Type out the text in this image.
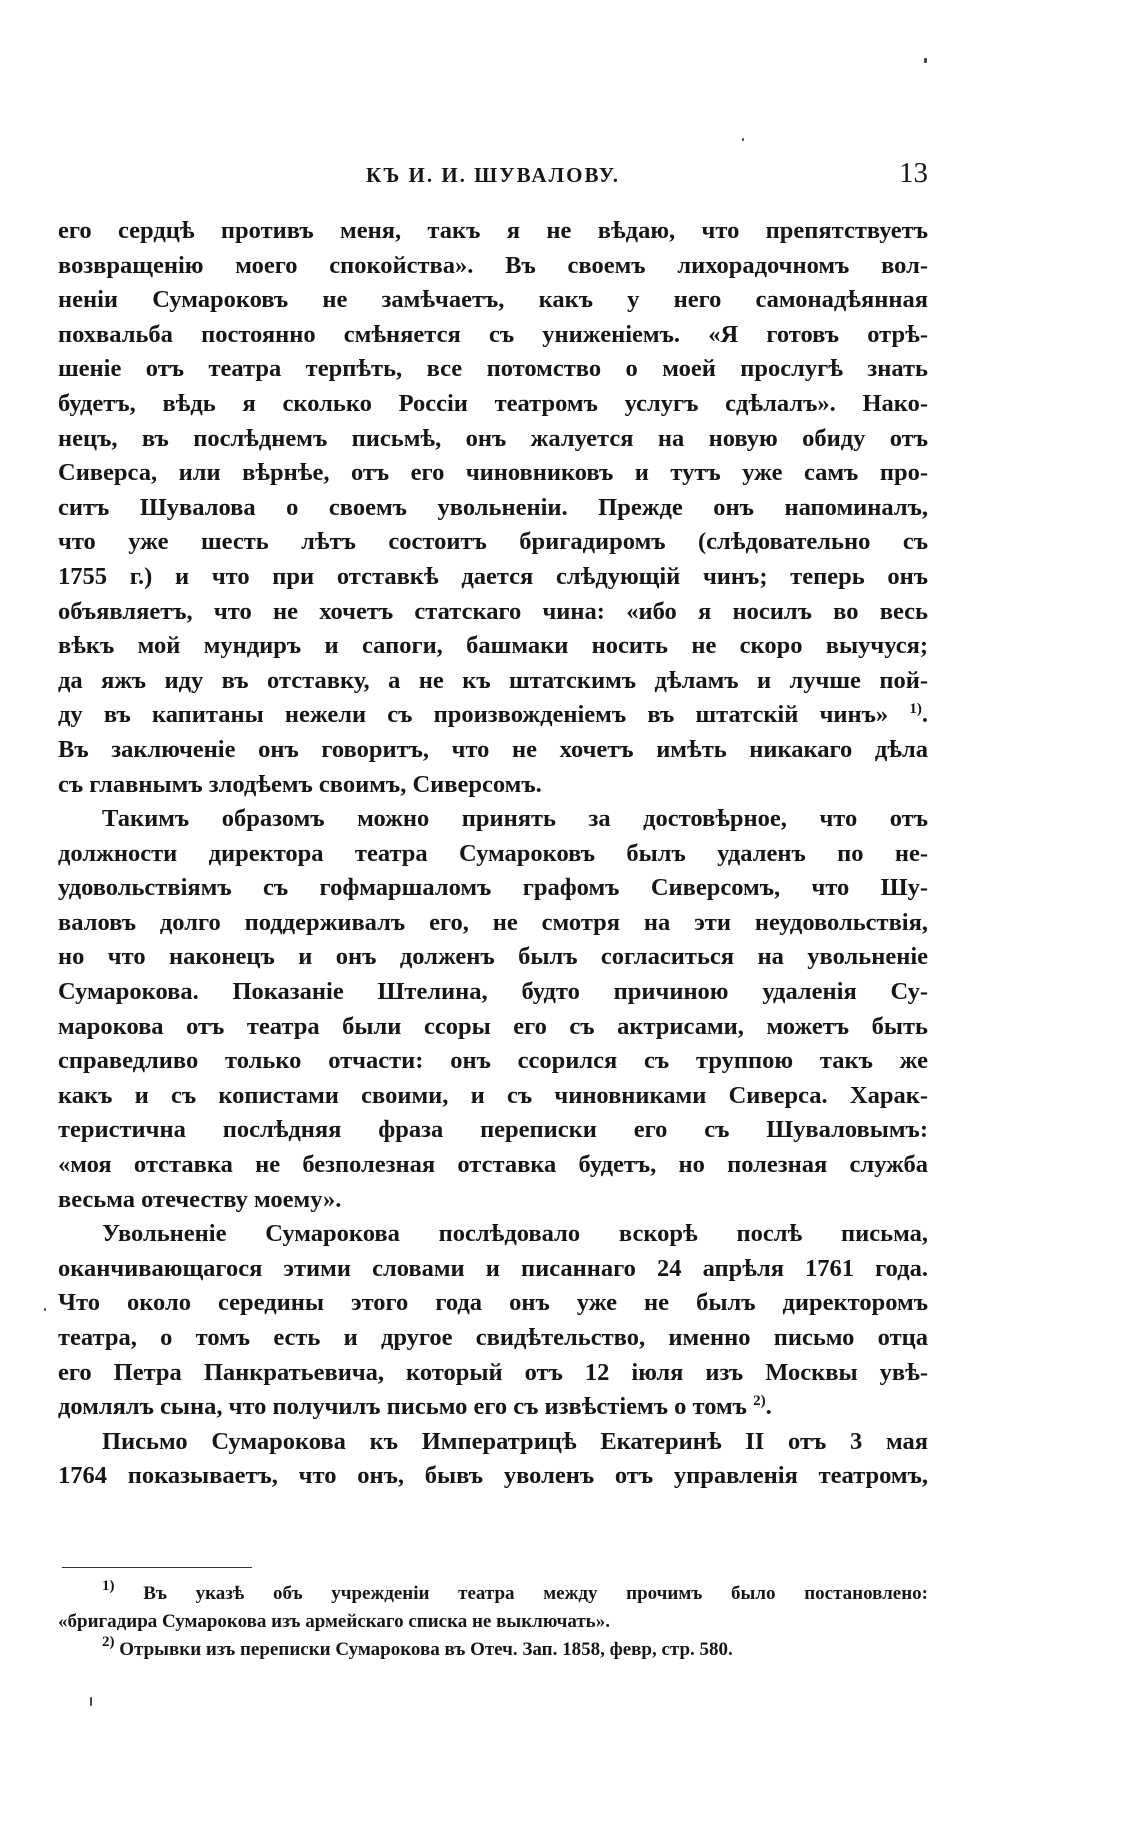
КЪ И. И. ШУВАЛОВУ.	13
его сердцѣ противъ меня, такъ я не вѣдаю, что препятствуетъ
возвращенію моего спокойства». Въ своемъ лихорадочномъ вол-
неніи Сумароковъ не замѣчаетъ, какъ у него самонадѣянная
похвальба постоянно смѣняется съ униженіемъ. «Я готовъ отрѣ-
шеніе отъ театра терпѣть, все потомство о моей прослугѣ знать
будетъ, вѣдь я сколько Россіи театромъ услугъ сдѣлалъ». Нако-
нецъ, въ послѣднемъ письмѣ, онъ жалуется на новую обиду отъ
Сиверса, или вѣрнѣе, отъ его чиновниковъ и тутъ уже самъ про-
ситъ Шувалова о своемъ увольненіи. Прежде онъ напоминалъ,
что уже шесть лѣтъ состоитъ бригадиромъ (слѣдовательно съ
1755 г.) и что при отставкѣ дается слѣдующій чинъ; теперь онъ
объявляетъ, что не хочетъ статскаго чина: «ибо я носилъ во весь
вѣкъ мой мундиръ и сапоги, башмаки носить не скоро выучуся;
да яжъ иду въ отставку, а не къ штатскимъ дѣламъ и лучше пой-
ду въ капитаны нежели съ произвожденіемъ въ штатскій чинъ» $^{1)}$.
Въ заключеніе онъ говоритъ, что не хочетъ имѣть никакаго дѣла
съ главнымъ злодѣемъ своимъ, Сиверсомъ.
Такимъ образомъ можно принять за достовѣрное, что отъ
должности директора театра Сумароковъ былъ удаленъ по не-
удовольствіямъ съ гофмаршаломъ графомъ Сиверсомъ, что Шу-
валовъ долго поддерживалъ его, не смотря на эти неудовольствія,
но что наконецъ и онъ долженъ былъ согласиться на увольненіе
Сумарокова. Показаніе Штелина, будто причиною удаленія Су-
марокова отъ театра были ссоры его съ актрисами, можетъ быть
справедливо только отчасти: онъ ссорился съ труппою такъ же
какъ и съ копистами своими, и съ чиновниками Сиверса. Харак-
теристична послѣдняя фраза переписки его съ Шуваловымъ:
«моя отставка не безполезная отставка будетъ, но полезная служба
весьма отечеству моему».
Увольненіе Сумарокова послѣдовало вскорѣ послѣ письма,
оканчивающагося этими словами и писаннаго 24 апрѣля 1761 года.
Что около середины этого года онъ уже не былъ директоромъ
театра, о томъ есть и другое свидѣтельство, именно письмо отца
его Петра Панкратьевича, который отъ 12 іюля изъ Москвы увѣ-
домлялъ сына, что получилъ письмо его съ извѣстіемъ о томъ $^{2)}$.
Письмо Сумарокова къ Императрицѣ Екатеринѣ II отъ 3 мая
1764 показываетъ, что онъ, бывъ уволенъ отъ управленія театромъ,
$^{1)}$ Въ указѣ объ учрежденіи театра между прочимъ было постановлено:
«бригадира Сумарокова изъ армейскаго списка не выключать».
$^{2)}$ Отрывки изъ переписки Сумарокова въ Отеч. Зап. 1858, февр, стр. 580.
